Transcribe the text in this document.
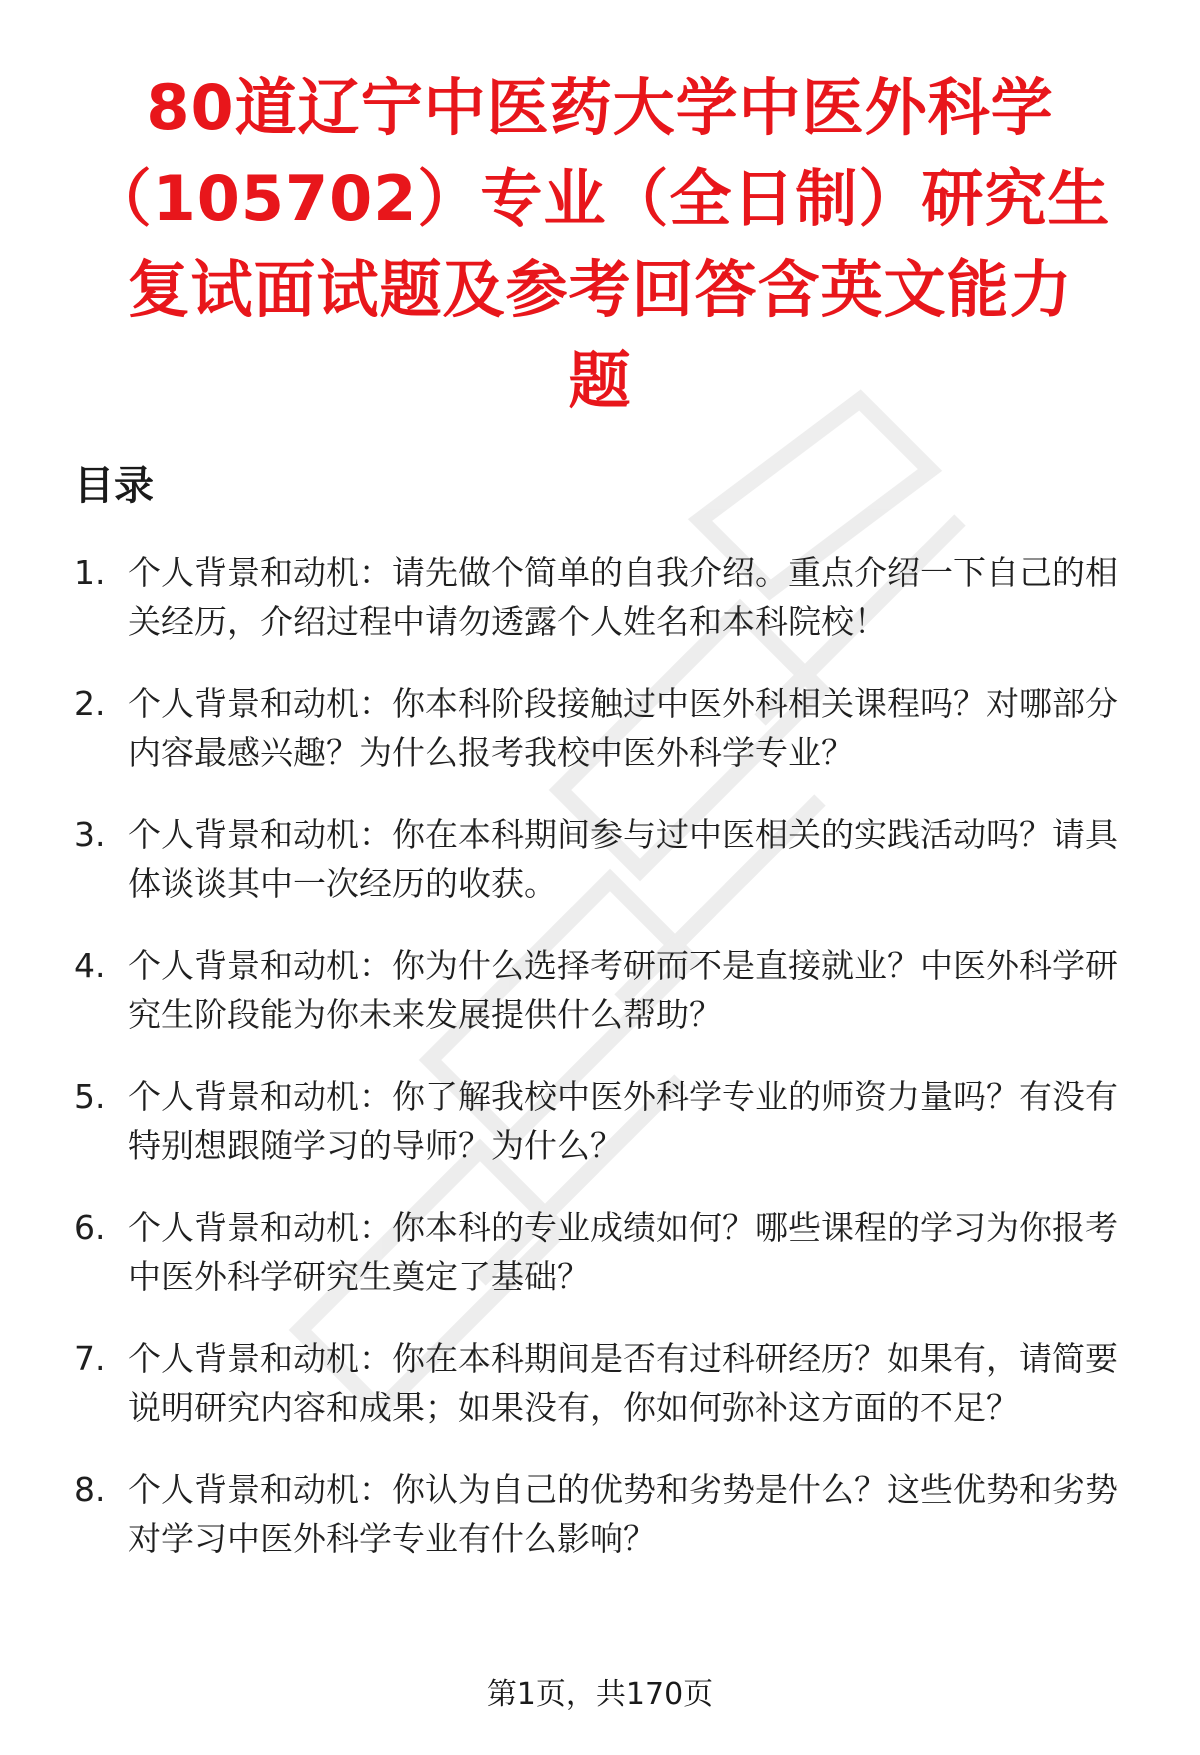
80道辽宁中医药大学中医外科学
（105702）专业（全日制）研究生
复试面试题及参考回答含英文能力
题
目录
1. 个人背景和动机：请先做个简单的自我介绍。重点介绍一下自己的相关经历，介绍过程中请勿透露个人姓名和本科院校！
2. 个人背景和动机：你本科阶段接触过中医外科相关课程吗？对哪部分内容最感兴趣？为什么报考我校中医外科学专业？
3. 个人背景和动机：你在本科期间参与过中医相关的实践活动吗？请具体谈谈其中一次经历的收获。
4. 个人背景和动机：你为什么选择考研而不是直接就业？中医外科学研究生阶段能为你未来发展提供什么帮助？
5. 个人背景和动机：你了解我校中医外科学专业的师资力量吗？有没有特别想跟随学习的导师？为什么？
6. 个人背景和动机：你本科的专业成绩如何？哪些课程的学习为你报考中医外科学研究生奠定了基础？
7. 个人背景和动机：你在本科期间是否有过科研经历？如果有，请简要说明研究内容和成果；如果没有，你如何弥补这方面的不足？
8. 个人背景和动机：你认为自己的优势和劣势是什么？这些优势和劣势对学习中医外科学专业有什么影响？
第1页，共170页
